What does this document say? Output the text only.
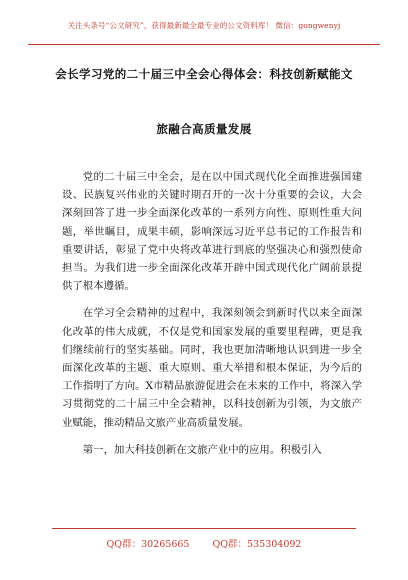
关注头条号“公文研究”，获得最新最全最专业的公文资料库！ 微信：gongwenyj
会长学习党的二十届三中全会心得体会：科技创新赋能文
旅融合高质量发展

党的二十届三中全会，是在以中国式现代化全面推进强国建设、民族复兴伟业的关键时期召开的一次十分重要的会议，大会深刻回答了进一步全面深化改革的一系列方向性、原则性重大问题，举世瞩目，成果丰硕，影响深远习近平总书记的工作报告和重要讲话，彰显了党中央将改革进行到底的坚强决心和强烈使命担当。为我们进一步全面深化改革开辟中国式现代化广阔前景提供了根本遵循。

在学习全会精神的过程中，我深刻领会到新时代以来全面深化改革的伟大成就，不仅是党和国家发展的重要里程碑，更是我们继续前行的坚实基础。同时，我也更加清晰地认识到进一步全面深化改革的主题、重大原则、重大举措和根本保证，为今后的工作指明了方向。X市精品旅游促进会在未来的工作中，将深入学习贯彻党的二十届三中全会精神，以科技创新为引领，为文旅产业赋能，推动精品文旅产业高质量发展。

第一，加大科技创新在文旅产业中的应用。积极引入

QQ群：30265665 QQ群：535304092
